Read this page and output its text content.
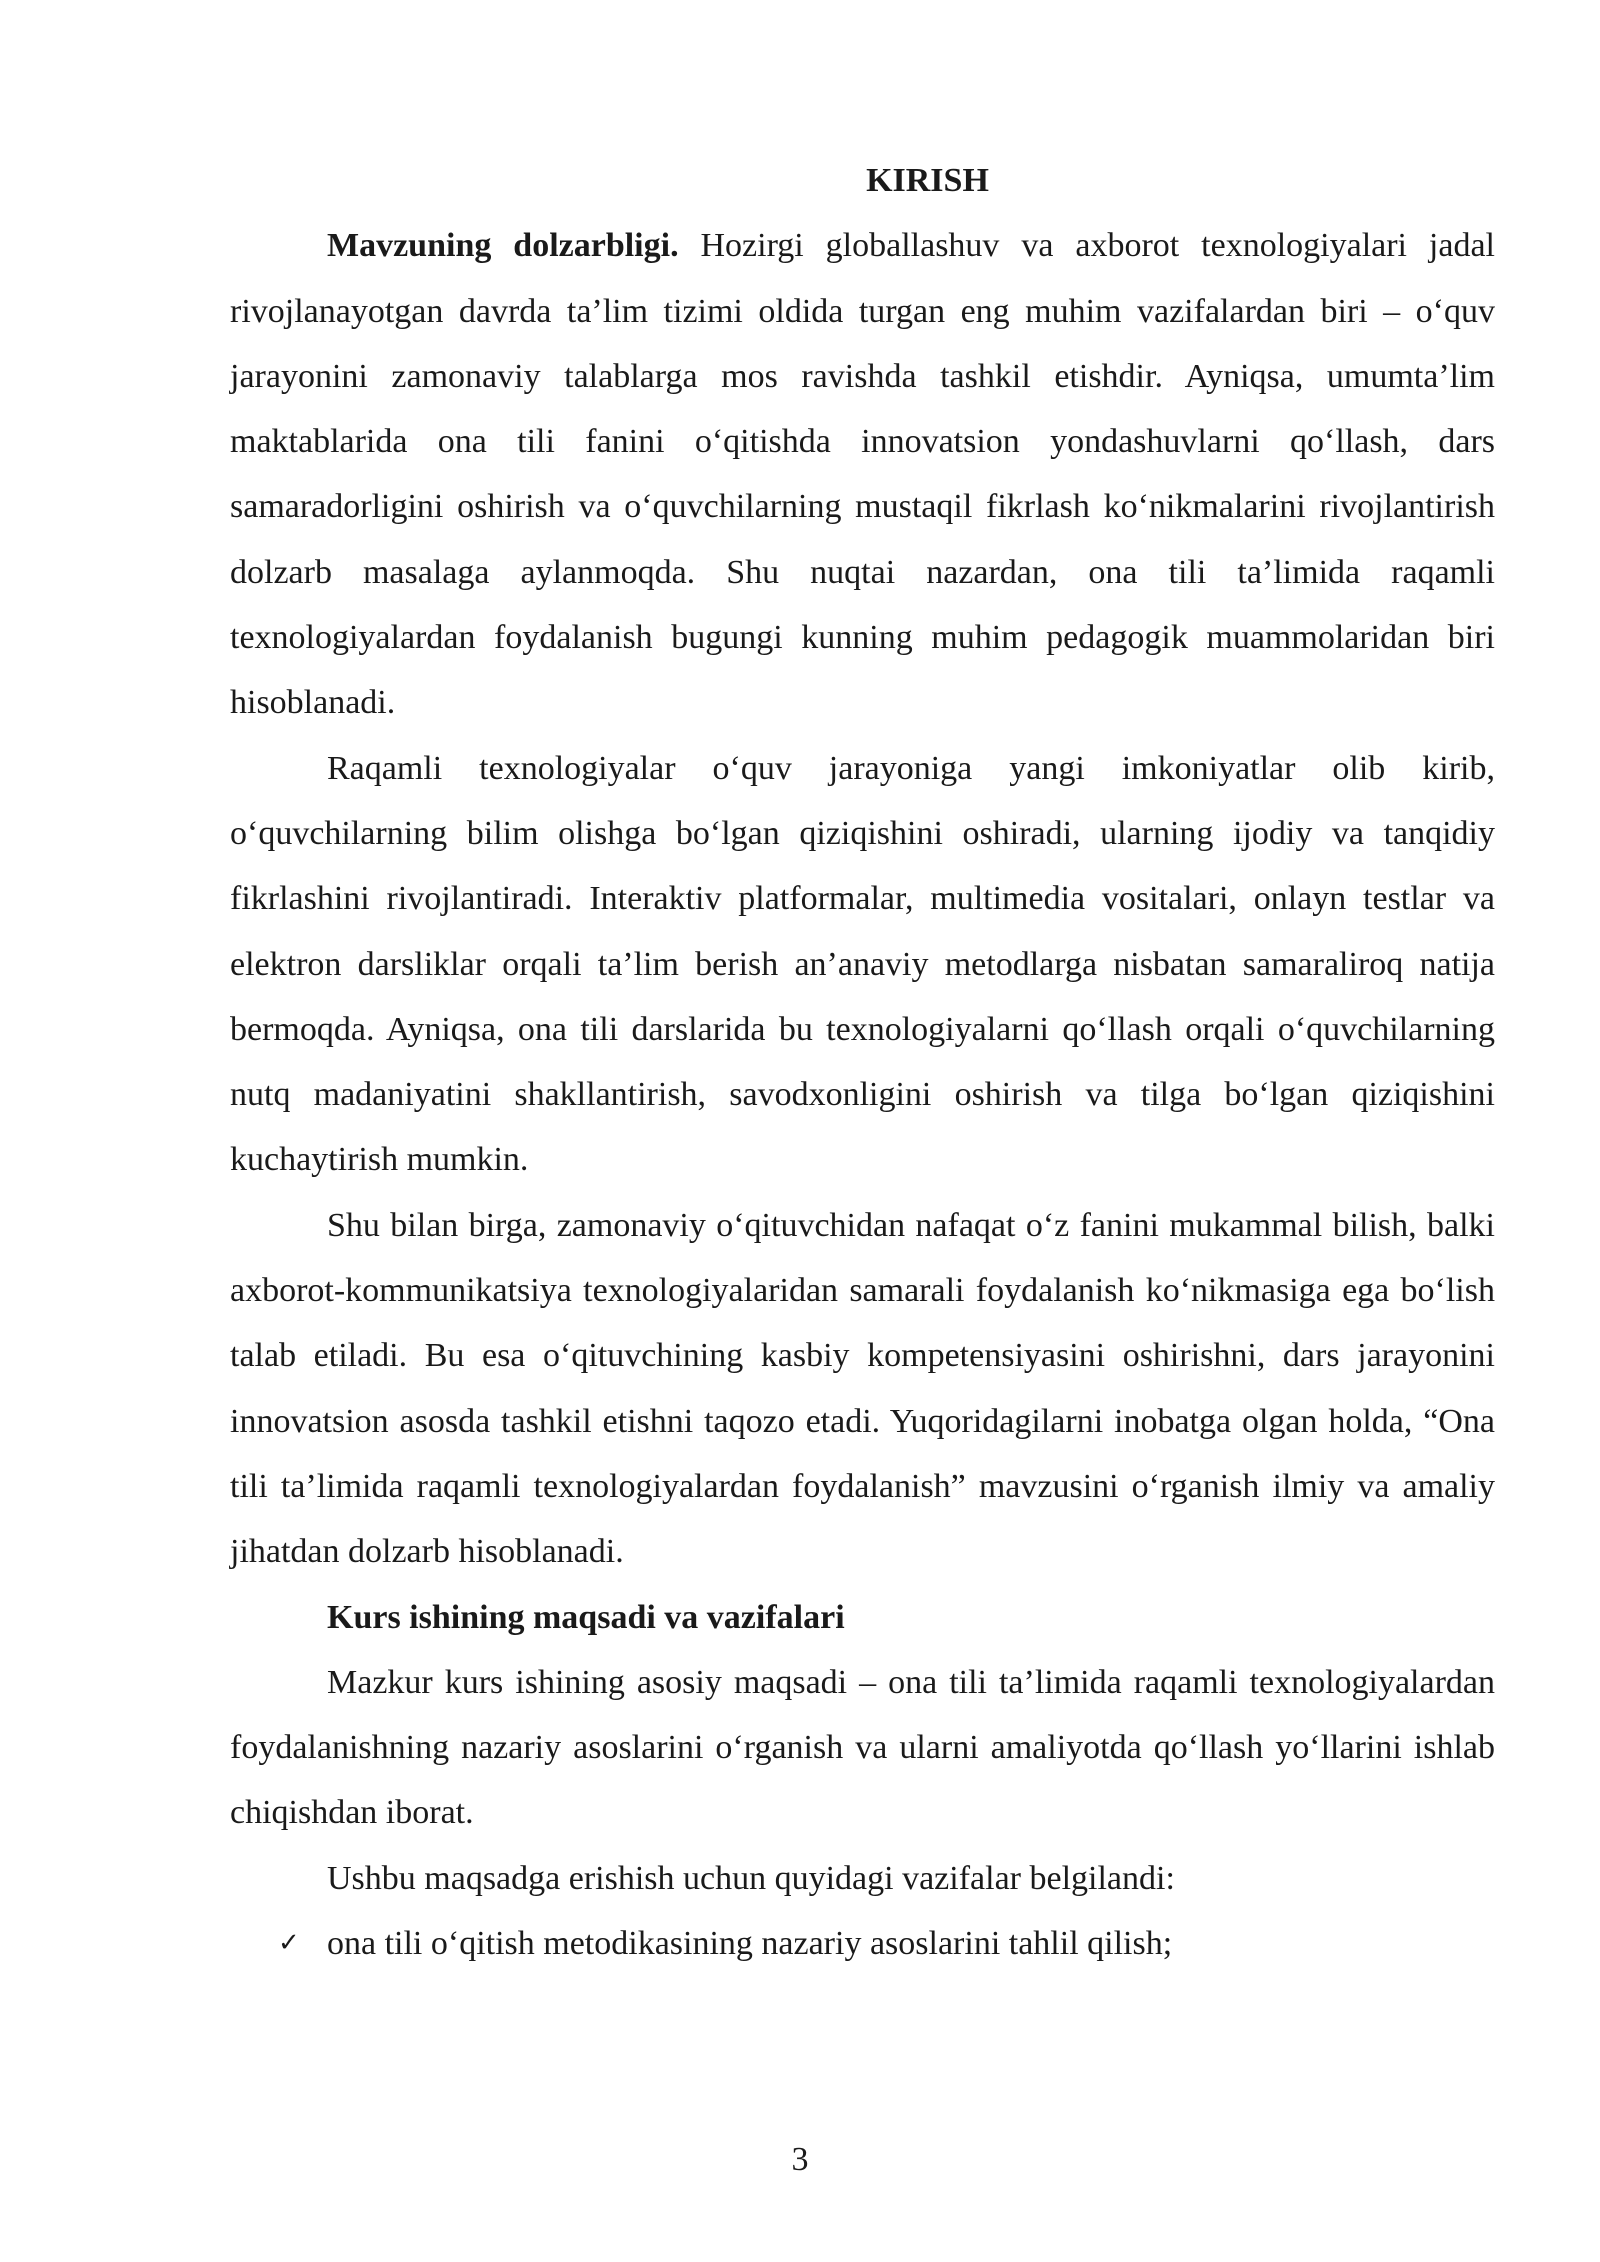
KIRISH

Mavzuning dolzarbligi. Hozirgi globallashuv va axborot texnologiyalari jadal rivojlanayotgan davrda ta’lim tizimi oldida turgan eng muhim vazifalardan biri – o‘quv jarayonini zamonaviy talablarga mos ravishda tashkil etishdir. Ayniqsa, umumta’lim maktablarida ona tili fanini o‘qitishda innovatsion yondashuvlarni qo‘llash, dars samaradorligini oshirish va o‘quvchilarning mustaqil fikrlash ko‘nikmalarini rivojlantirish dolzarb masalaga aylanmoqda. Shu nuqtai nazardan, ona tili ta’limida raqamli texnologiyalardan foydalanish bugungi kunning muhim pedagogik muammolaridan biri hisoblanadi.

Raqamli texnologiyalar o‘quv jarayoniga yangi imkoniyatlar olib kirib, o‘quvchilarning bilim olishga bo‘lgan qiziqishini oshiradi, ularning ijodiy va tanqidiy fikrlashini rivojlantiradi. Interaktiv platformalar, multimedia vositalari, onlayn testlar va elektron darsliklar orqali ta’lim berish an’anaviy metodlarga nisbatan samaraliroq natija bermoqda. Ayniqsa, ona tili darslarida bu texnologiyalarni qo‘llash orqali o‘quvchilarning nutq madaniyatini shakllantirish, savodxonligini oshirish va tilga bo‘lgan qiziqishini kuchaytirish mumkin.

Shu bilan birga, zamonaviy o‘qituvchidan nafaqat o‘z fanini mukammal bilish, balki axborot-kommunikatsiya texnologiyalaridan samarali foydalanish ko‘nikmasiga ega bo‘lish talab etiladi. Bu esa o‘qituvchining kasbiy kompetensiyasini oshirishni, dars jarayonini innovatsion asosda tashkil etishni taqozo etadi. Yuqoridagilarni inobatga olgan holda, “Ona tili ta’limida raqamli texnologiyalardan foydalanish” mavzusini o‘rganish ilmiy va amaliy jihatdan dolzarb hisoblanadi.

Kurs ishining maqsadi va vazifalari

Mazkur kurs ishining asosiy maqsadi – ona tili ta’limida raqamli texnologiyalardan foydalanishning nazariy asoslarini o‘rganish va ularni amaliyotda qo‘llash yo‘llarini ishlab chiqishdan iborat.

Ushbu maqsadga erishish uchun quyidagi vazifalar belgilandi:

✓ ona tili o‘qitish metodikasining nazariy asoslarini tahlil qilish;

3
